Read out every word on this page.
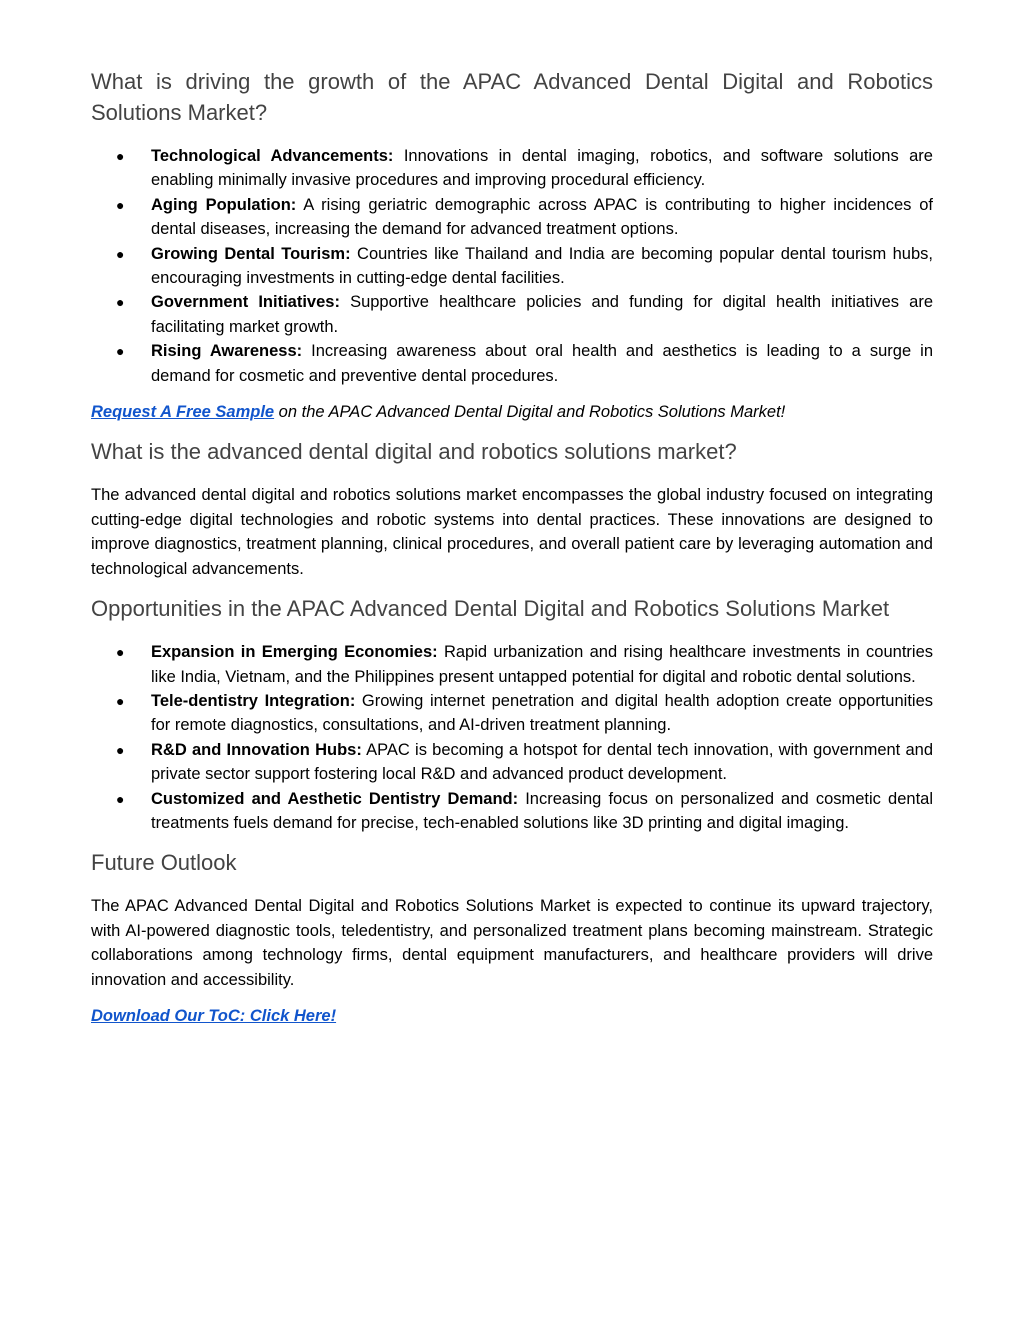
What is driving the growth of the APAC Advanced Dental Digital and Robotics Solutions Market?
● Technological Advancements: Innovations in dental imaging, robotics, and software solutions are enabling minimally invasive procedures and improving procedural efficiency.
● Aging Population: A rising geriatric demographic across APAC is contributing to higher incidences of dental diseases, increasing the demand for advanced treatment options.
● Growing Dental Tourism: Countries like Thailand and India are becoming popular dental tourism hubs, encouraging investments in cutting-edge dental facilities.
● Government Initiatives: Supportive healthcare policies and funding for digital health initiatives are facilitating market growth.
● Rising Awareness: Increasing awareness about oral health and aesthetics is leading to a surge in demand for cosmetic and preventive dental procedures.

Request A Free Sample on the APAC Advanced Dental Digital and Robotics Solutions Market!

What is the advanced dental digital and robotics solutions market?

The advanced dental digital and robotics solutions market encompasses the global industry focused on integrating cutting-edge digital technologies and robotic systems into dental practices. These innovations are designed to improve diagnostics, treatment planning, clinical procedures, and overall patient care by leveraging automation and technological advancements.

Opportunities in the APAC Advanced Dental Digital and Robotics Solutions Market
● Expansion in Emerging Economies: Rapid urbanization and rising healthcare investments in countries like India, Vietnam, and the Philippines present untapped potential for digital and robotic dental solutions.
● Tele-dentistry Integration: Growing internet penetration and digital health adoption create opportunities for remote diagnostics, consultations, and AI-driven treatment planning.
● R&D and Innovation Hubs: APAC is becoming a hotspot for dental tech innovation, with government and private sector support fostering local R&D and advanced product development.
● Customized and Aesthetic Dentistry Demand: Increasing focus on personalized and cosmetic dental treatments fuels demand for precise, tech-enabled solutions like 3D printing and digital imaging.
Future Outlook

The APAC Advanced Dental Digital and Robotics Solutions Market is expected to continue its upward trajectory, with AI-powered diagnostic tools, teledentistry, and personalized treatment plans becoming mainstream. Strategic collaborations among technology firms, dental equipment manufacturers, and healthcare providers will drive innovation and accessibility.

Download Our ToC: Click Here!
